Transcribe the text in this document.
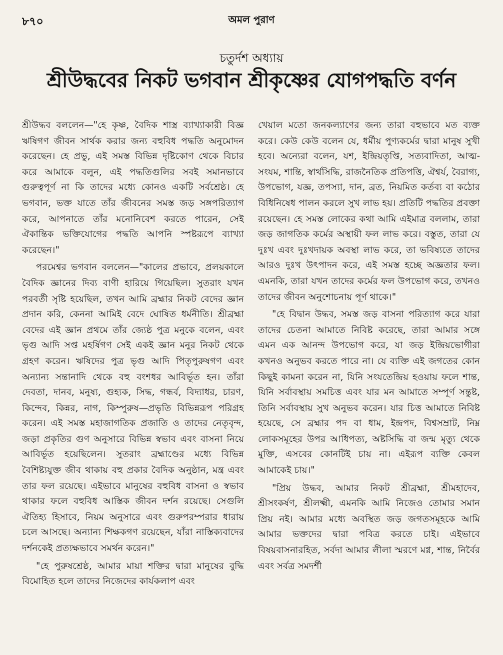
৮৭০	অমল পুরাণ
চতুর্দশ অধ্যায়
শ্রীউদ্ধবের নিকট ভগবান শ্রীকৃষ্ণের যোগপদ্ধতি বর্ণন

শ্রীউদ্ধব বললেন—"হে কৃষ্ণ, বৈদিক শাস্ত্র ব্যাখ্যাকারী বিজ্ঞ ঋষিগণ জীবন সার্থক করার জন্য বহুবিধ পদ্ধতি অনুমোদন করেছেন। হে প্রভু, এই সমস্ত বিভিন্ন দৃষ্টিকোণ থেকে বিচার করে আমাকে বলুন, এই পদ্ধতিগুলির সবই সমানভাবে গুরুত্বপূর্ণ না কি তাদের মধ্যে কোনও একটি সর্বশ্রেষ্ঠ। হে ভগবান, ভক্ত যাতে তাঁর জীবনের সমস্ত জড় সঙ্গপরিত্যাগ করে, আপনাতে তাঁর মনোনিবেশ করতে পারেন, সেই ঐকান্তিক ভক্তিযোগের পদ্ধতি আপনি স্পষ্টরূপে ব্যাখ্যা করেছেন।"

পরমেশ্বর ভগবান বললেন—"কালের প্রভাবে, প্রলয়কালে বৈদিক জ্ঞানের দিব্য বাণী হারিয়ে গিয়েছিল। সুতরাং যখন পরবর্তী সৃষ্টি হয়েছিল, তখন আমি ব্রহ্মার নিকট বেদের জ্ঞান প্রদান করি, কেননা আমিই বেদে ঘোষিত ধর্মনীতি। শ্রীব্রহ্মা বেদের এই জ্ঞান প্রথমে তাঁর জ্যেষ্ঠ পুত্র মনুকে বলেন, এবং ভৃগু আদি সপ্ত মহর্ষিগণ সেই একই জ্ঞান মনুর নিকট থেকে গ্রহণ করেন। ঋষিদের পুত্র ভৃগু আদি পিতৃপুরুষগণ এবং অন্যান্য সন্তানাদি থেকে বহু বংশধর আবির্ভূত হন। তাঁরা দেবতা, দানব, মনুষ্য, গুহ্যক, সিদ্ধ, গন্ধর্ব, বিদ্যাধর, চারণ, কিন্দেব, কিন্নর, নাগ, কিম্পুরুষ—প্রভৃতি বিভিন্নরূপ পরিগ্রহ করেন। এই সমস্ত মহাজাগতিক প্রজাতি ও তাদের নেতৃবৃন্দ, জড়া প্রকৃতির গুণ অনুসারে বিভিন্ন স্বভাব এবং বাসনা নিয়ে আবির্ভূত হয়েছিলেন। সুতরাং ব্রহ্মাণ্ডের মধ্যে বিভিন্ন বৈশিষ্ট্যযুক্ত জীব থাকায় বহু প্রকার বৈদিক অনুষ্ঠান, মন্ত্র এবং তার ফল রয়েছে। এইভাবে মানুষের বহুবিধ বাসনা ও স্বভাব থাকার ফলে বহুবিধ আস্তিক জীবন দর্শন রয়েছে। সেগুলি ঐতিহ্য হিসাবে, নিয়ম অনুসারে এবং গুরুপরম্পরার ধারায় চলে আসছে। অন্যান্য শিক্ষকগণ রয়েছেন, যাঁরা নাস্তিক্যবাদের দর্শনকেই প্রত্যক্ষভাবে সমর্থন করেন।"

"হে পুরুষশ্রেষ্ঠ, আমার মায়া শক্তির দ্বারা মানুষের বুদ্ধি বিমোহিত হলে তাদের নিজেদের কার্যকলাপ এবং

খেয়াল মতো জনকল্যাণের জন্য তারা বহুভাবে মত ব্যক্ত করে। কেউ কেউ বলেন যে, ধর্মীয় পুণ্যকর্মের দ্বারা মানুষ সুখী হবে। অন্যেরা বলেন, যশ, ইন্দ্রিয়তৃপ্তি, সত্যবাদিতা, আত্ম-সংযম, শান্তি, স্বার্থসিদ্ধি, রাজনৈতিক প্রতিপত্তি, ঐশ্বর্য, বৈরাগ্য, উপভোগ, যজ্ঞ, তপস্যা, দান, ব্রত, নিয়মিত কর্তব্য বা কঠোর বিধিনিষেধ পালন করলে সুখ লাভ হয়। প্রতিটি পদ্ধতির প্রবক্তা রয়েছেন। হে সমস্ত লোকের কথা আমি এইমাত্র বললাম, তারা জড় জাগতিক কর্মের অস্থায়ী ফল লাভ করে। বস্তুত, তারা যে দুঃখ এবং দুঃখদায়ক অবস্থা লাভ করে, তা ভবিষ্যতে তাদের আরও দুঃখ উৎপাদন করে, এই সমস্ত হচ্ছে অজ্ঞতার ফল। এমনকি, তারা যখন তাদের কর্মের ফল উপভোগ করে, তখনও তাদের জীবন অনুশোচনায় পূর্ণ থাকে।"

"হে বিদ্বান উদ্ধব, সমস্ত জড় বাসনা পরিত্যাগ করে যারা তাদের চেতনা আমাতে নিবিষ্ট করেছে, তারা আমার সঙ্গে এমন এক আনন্দ উপভোগ করে, যা জড় ইন্দ্রিয়ভোগীরা কখনও অনুভব করতে পারে না। যে ব্যক্তি এই জগতের কোন কিছুই কামনা করেন না, যিনি সংযতেন্দ্রিয় হওয়ায় ফলে শান্ত, যিনি সর্বাবস্থায় সমচিত্ত এবং যার মন আমাতে সম্পূর্ণ সন্তুষ্ট, তিনি সর্বাবস্থায় সুখ অনুভব করেন। যার চিত্ত আমাতে নিবিষ্ট হয়েছে, সে ব্রহ্মার পদ বা ধাম, ইন্দ্রপদ, বিশ্বসম্রাট, নিম্ন লোকসমূহের উপর আধিপত্য, অষ্টসিদ্ধি বা জন্ম মৃত্যু থেকে মুক্তি, এসবের কোনটিই চায় না। এইরূপ ব্যক্তি কেবল আমাকেই চায়।"

"প্রিয় উদ্ধব, আমার নিকট শ্রীব্রহ্মা, শ্রীমহাদেব, শ্রীসংকর্ষণ, শ্রীলক্ষ্মী, এমনকি আমি নিজেও তোমার সমান প্রিয় নই। আমার মধ্যে অবস্থিত জড় জগতসমূহকে আমি আমার ভক্তদের দ্বারা পবিত্র করতে চাই। এইভাবে বিষয়বাসনারহিত, সর্বদা আমার লীলা স্মরণে মগ্ন, শান্ত, নির্বৈর এবং সর্বত্র সমদর্শী
